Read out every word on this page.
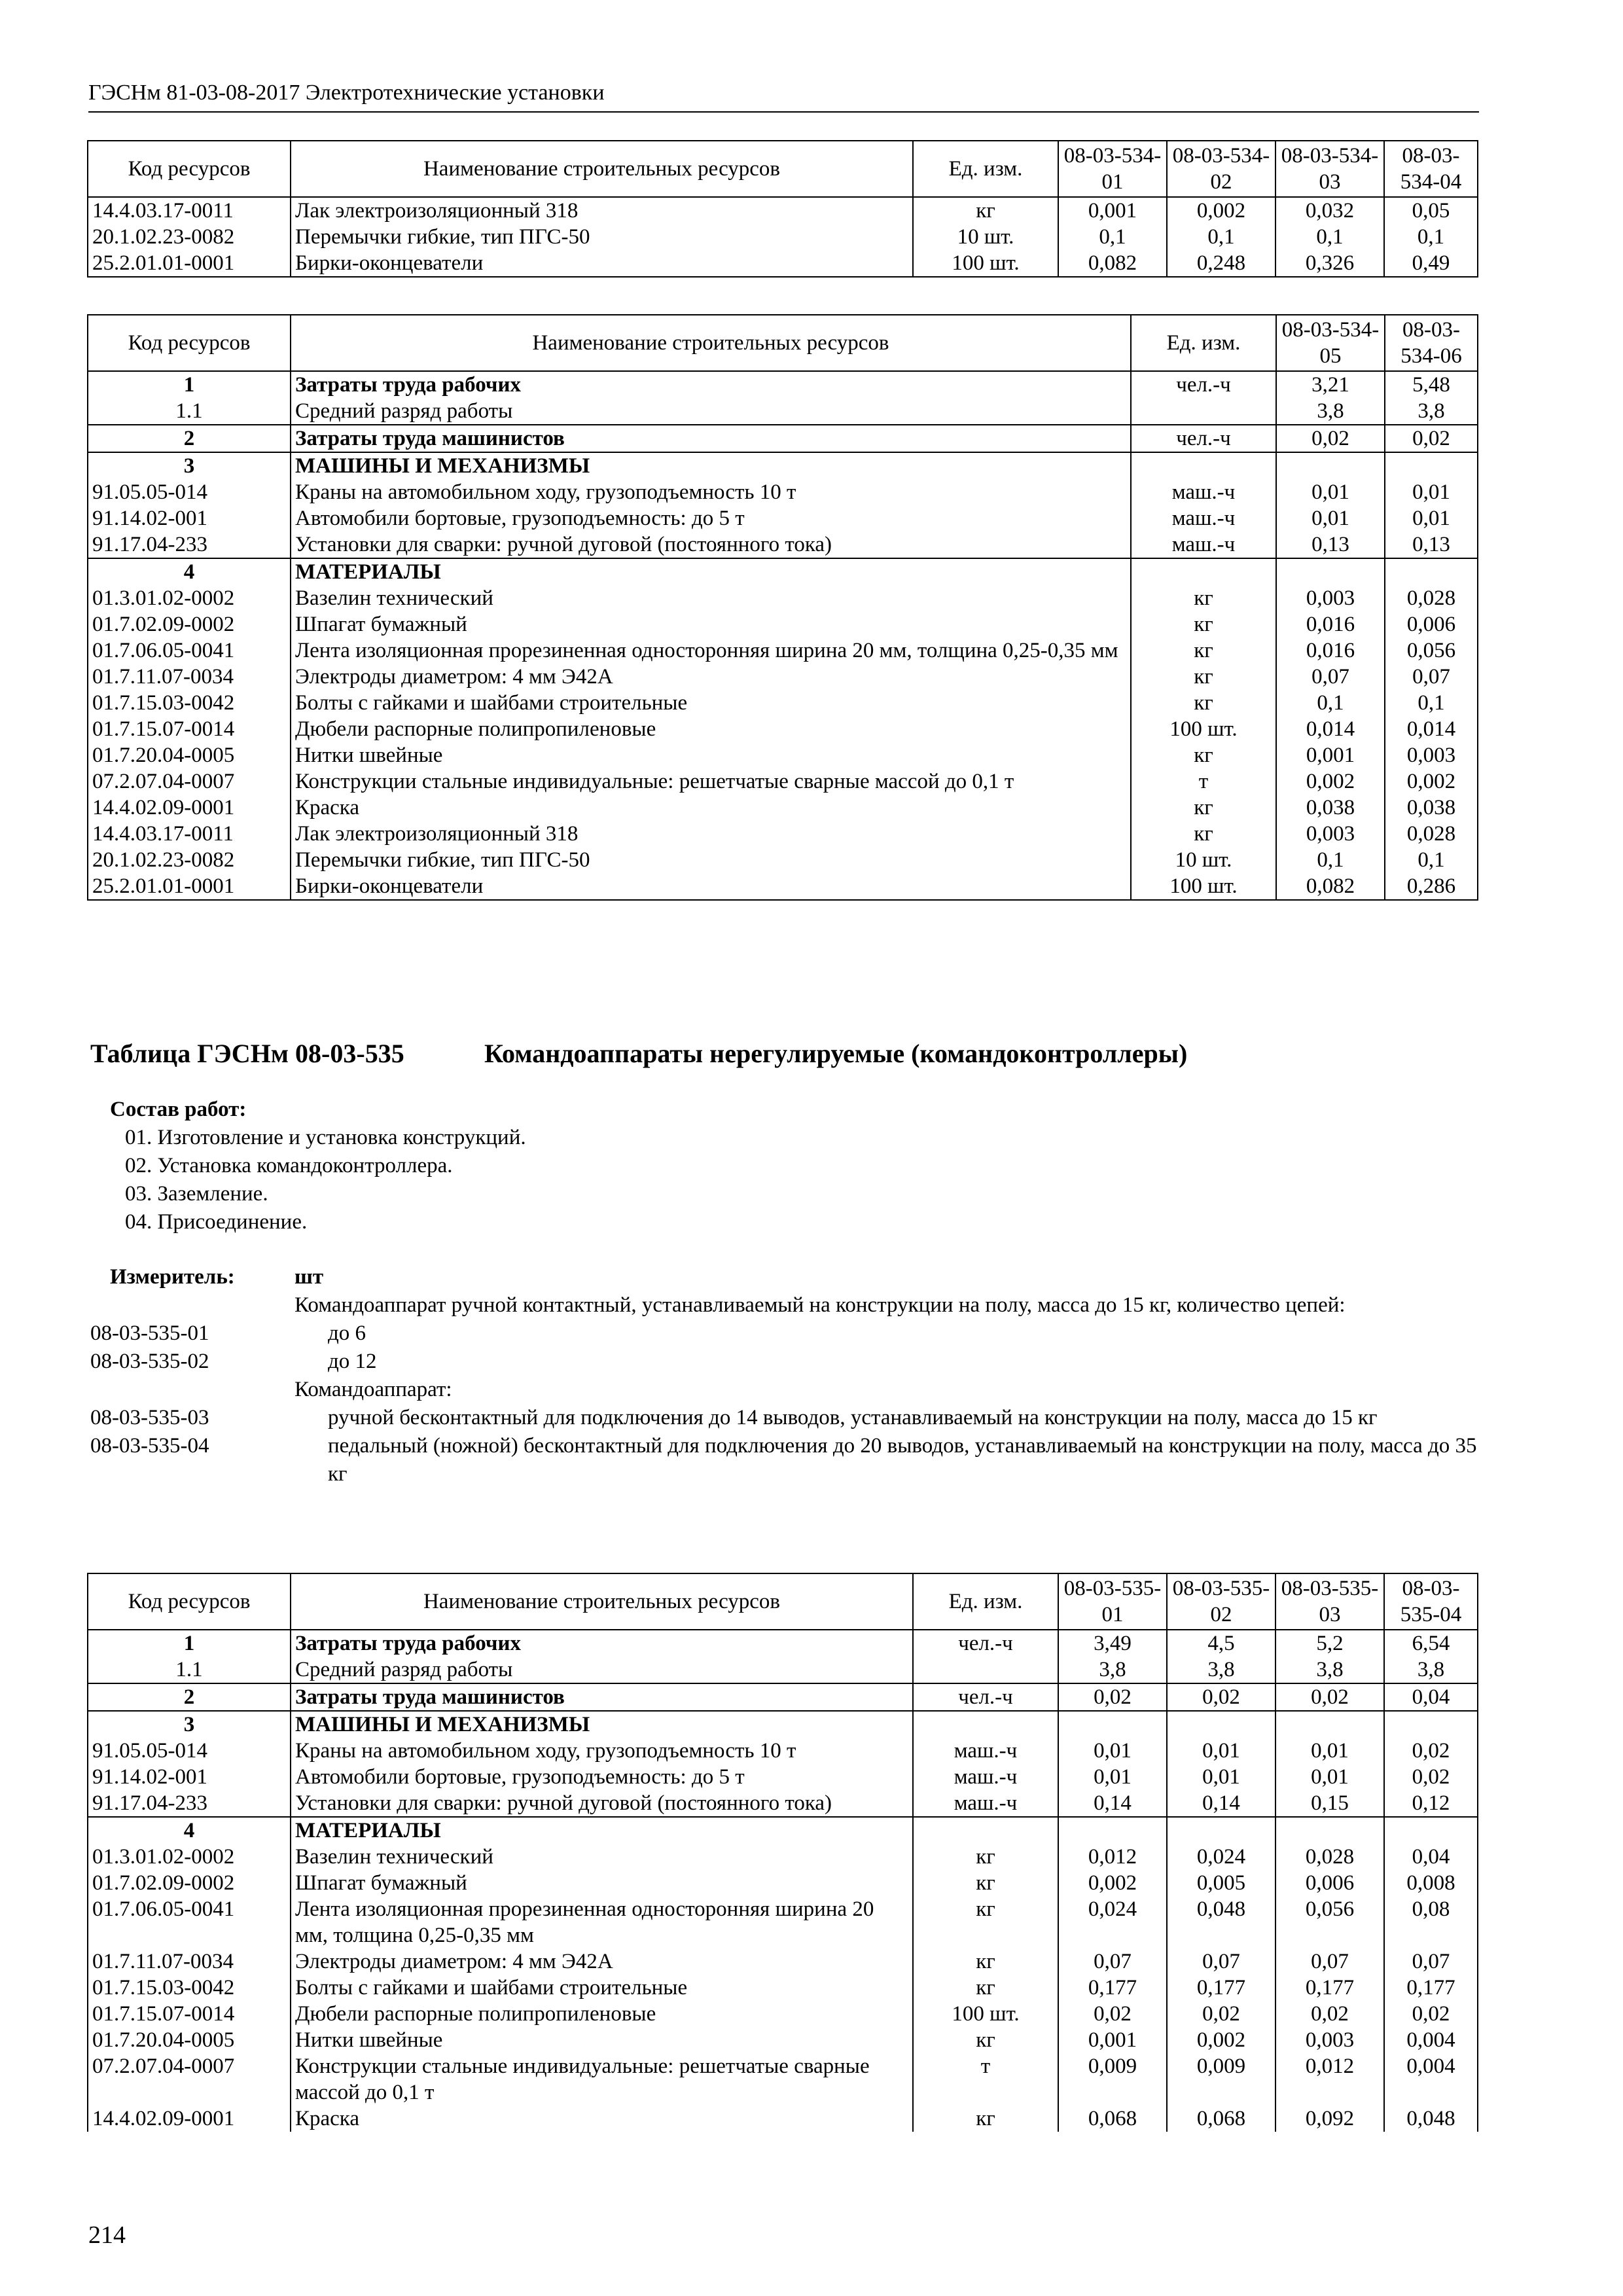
ГЭСНм 81-03-08-2017 Электротехнические установки
Код ресурсов	Наименование строительных ресурсов	Ед. изм.	08-03-534-01	08-03-534-02	08-03-534-03	08-03-534-04
14.4.03.17-0011	Лак электроизоляционный 318	кг	0,001	0,002	0,032	0,05
20.1.02.23-0082	Перемычки гибкие, тип ПГС-50	10 шт.	0,1	0,1	0,1	0,1
25.2.01.01-0001	Бирки-оконцеватели	100 шт.	0,082	0,248	0,326	0,49
Код ресурсов	Наименование строительных ресурсов	Ед. изм.	08-03-534-05	08-03-534-06
1	Затраты труда рабочих	чел.-ч	3,21	5,48
1.1	Средний разряд работы		3,8	3,8
2	Затраты труда машинистов	чел.-ч	0,02	0,02
3	МАШИНЫ И МЕХАНИЗМЫ			
91.05.05-014	Краны на автомобильном ходу, грузоподъемность 10 т	маш.-ч	0,01	0,01
91.14.02-001	Автомобили бортовые, грузоподъемность: до 5 т	маш.-ч	0,01	0,01
91.17.04-233	Установки для сварки: ручной дуговой (постоянного тока)	маш.-ч	0,13	0,13
4	МАТЕРИАЛЫ			
01.3.01.02-0002	Вазелин технический	кг	0,003	0,028
01.7.02.09-0002	Шпагат бумажный	кг	0,016	0,006
01.7.06.05-0041	Лента изоляционная прорезиненная односторонняя ширина 20 мм, толщина 0,25-0,35 мм	кг	0,016	0,056
01.7.11.07-0034	Электроды диаметром: 4 мм Э42А	кг	0,07	0,07
01.7.15.03-0042	Болты с гайками и шайбами строительные	кг	0,1	0,1
01.7.15.07-0014	Дюбели распорные полипропиленовые	100 шт.	0,014	0,014
01.7.20.04-0005	Нитки швейные	кг	0,001	0,003
07.2.07.04-0007	Конструкции стальные индивидуальные: решетчатые сварные массой до 0,1 т	т	0,002	0,002
14.4.02.09-0001	Краска	кг	0,038	0,038
14.4.03.17-0011	Лак электроизоляционный 318	кг	0,003	0,028
20.1.02.23-0082	Перемычки гибкие, тип ПГС-50	10 шт.	0,1	0,1
25.2.01.01-0001	Бирки-оконцеватели	100 шт.	0,082	0,286
Таблица ГЭСНм 08-03-535	Командоаппараты нерегулируемые (командоконтроллеры)
Состав работ:
01. Изготовление и установка конструкций.
02. Установка командоконтроллера.
03. Заземление.
04. Присоединение.
Измеритель:	шт
Командоаппарат ручной контактный, устанавливаемый на конструкции на полу, масса до 15 кг, количество цепей:
08-03-535-01	до 6
08-03-535-02	до 12
Командоаппарат:
08-03-535-03	ручной бесконтактный для подключения до 14 выводов, устанавливаемый на конструкции на полу, масса до 15 кг
08-03-535-04	педальный (ножной) бесконтактный для подключения до 20 выводов, устанавливаемый на конструкции на полу, масса до 35 кг
Код ресурсов	Наименование строительных ресурсов	Ед. изм.	08-03-535-01	08-03-535-02	08-03-535-03	08-03-535-04
1	Затраты труда рабочих	чел.-ч	3,49	4,5	5,2	6,54
1.1	Средний разряд работы		3,8	3,8	3,8	3,8
2	Затраты труда машинистов	чел.-ч	0,02	0,02	0,02	0,04
3	МАШИНЫ И МЕХАНИЗМЫ					
91.05.05-014	Краны на автомобильном ходу, грузоподъемность 10 т	маш.-ч	0,01	0,01	0,01	0,02
91.14.02-001	Автомобили бортовые, грузоподъемность: до 5 т	маш.-ч	0,01	0,01	0,01	0,02
91.17.04-233	Установки для сварки: ручной дуговой (постоянного тока)	маш.-ч	0,14	0,14	0,15	0,12
4	МАТЕРИАЛЫ					
01.3.01.02-0002	Вазелин технический	кг	0,012	0,024	0,028	0,04
01.7.02.09-0002	Шпагат бумажный	кг	0,002	0,005	0,006	0,008
01.7.06.05-0041	Лента изоляционная прорезиненная односторонняя ширина 20 мм, толщина 0,25-0,35 мм	кг	0,024	0,048	0,056	0,08
01.7.11.07-0034	Электроды диаметром: 4 мм Э42А	кг	0,07	0,07	0,07	0,07
01.7.15.03-0042	Болты с гайками и шайбами строительные	кг	0,177	0,177	0,177	0,177
01.7.15.07-0014	Дюбели распорные полипропиленовые	100 шт.	0,02	0,02	0,02	0,02
01.7.20.04-0005	Нитки швейные	кг	0,001	0,002	0,003	0,004
07.2.07.04-0007	Конструкции стальные индивидуальные: решетчатые сварные массой до 0,1 т	т	0,009	0,009	0,012	0,004
14.4.02.09-0001	Краска	кг	0,068	0,068	0,092	0,048
214
